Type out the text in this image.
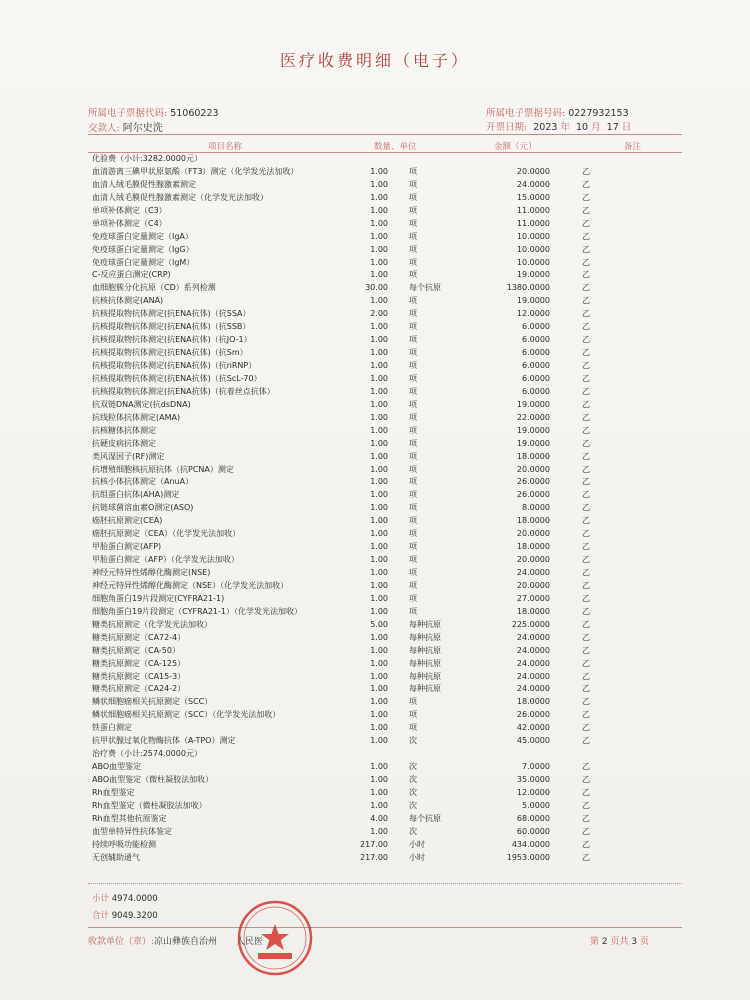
医疗收费明细（电子）
所属电子票据代码: 51060223	所属电子票据号码: 0227932153
交款人: 阿尔史洗	开票日期: 2023 年 10 月 17 日
项目名称	数量、单位	金额（元）	备注
化验费（小计:3282.0000元）
血清游离三碘甲状原氨酸（FT3）测定（化学发光法加收）	1.00	项	20.0000	乙
血清人绒毛膜促性腺激素测定	1.00	项	24.0000	乙
血清人绒毛膜促性腺激素测定（化学发光法加收）	1.00	项	15.0000	乙
单项补体测定（C3）	1.00	项	11.0000	乙
单项补体测定（C4）	1.00	项	11.0000	乙
免疫球蛋白定量测定（IgA）	1.00	项	10.0000	乙
免疫球蛋白定量测定（IgG）	1.00	项	10.0000	乙
免疫球蛋白定量测定（IgM）	1.00	项	10.0000	乙
C-反应蛋白测定(CRP)	1.00	项	19.0000	乙
血细胞簇分化抗原（CD）系列检测	30.00	每个抗原	1380.0000	乙
抗核抗体测定(ANA)	1.00	项	19.0000	乙
抗核提取物抗体测定(抗ENA抗体)（抗SSA）	2.00	项	12.0000	乙
抗核提取物抗体测定(抗ENA抗体)（抗SSB）	1.00	项	6.0000	乙
抗核提取物抗体测定(抗ENA抗体)（抗JO-1）	1.00	项	6.0000	乙
抗核提取物抗体测定(抗ENA抗体)（抗Sm）	1.00	项	6.0000	乙
抗核提取物抗体测定(抗ENA抗体)（抗nRNP）	1.00	项	6.0000	乙
抗核提取物抗体测定(抗ENA抗体)（抗ScL-70）	1.00	项	6.0000	乙
抗核提取物抗体测定(抗ENA抗体)（抗着丝点抗体）	1.00	项	6.0000	乙
抗双链DNA测定(抗dsDNA)	1.00	项	19.0000	乙
抗线粒体抗体测定(AMA)	1.00	项	22.0000	乙
抗核糖体抗体测定	1.00	项	19.0000	乙
抗硬皮病抗体测定	1.00	项	19.0000	乙
类风湿因子(RF)测定	1.00	项	18.0000	乙
抗增殖细胞核抗原抗体（抗PCNA）测定	1.00	项	20.0000	乙
抗核小体抗体测定（AnuA）	1.00	项	26.0000	乙
抗组蛋白抗体(AHA)测定	1.00	项	26.0000	乙
抗链球菌溶血素O测定(ASO)	1.00	项	8.0000	乙
癌胚抗原测定(CEA)	1.00	项	18.0000	乙
癌胚抗原测定（CEA）（化学发光法加收）	1.00	项	20.0000	乙
甲胎蛋白测定(AFP)	1.00	项	18.0000	乙
甲胎蛋白测定（AFP）（化学发光法加收）	1.00	项	20.0000	乙
神经元特异性烯醇化酶测定(NSE)	1.00	项	24.0000	乙
神经元特异性烯醇化酶测定（NSE）（化学发光法加收）	1.00	项	20.0000	乙
细胞角蛋白19片段测定(CYFRA21-1)	1.00	项	27.0000	乙
细胞角蛋白19片段测定（CYFRA21-1）（化学发光法加收）	1.00	项	18.0000	乙
糖类抗原测定（化学发光法加收）	5.00	每种抗原	225.0000	乙
糖类抗原测定（CA72-4）	1.00	每种抗原	24.0000	乙
糖类抗原测定（CA-50）	1.00	每种抗原	24.0000	乙
糖类抗原测定（CA-125）	1.00	每种抗原	24.0000	乙
糖类抗原测定（CA15-3）	1.00	每种抗原	24.0000	乙
糖类抗原测定（CA24-2）	1.00	每种抗原	24.0000	乙
鳞状细胞癌相关抗原测定（SCC）	1.00	项	18.0000	乙
鳞状细胞癌相关抗原测定（SCC）（化学发光法加收）	1.00	项	26.0000	乙
铁蛋白测定	1.00	项	42.0000	乙
抗甲状腺过氧化物酶抗体（A-TPO）测定	1.00	次	45.0000	乙
治疗费（小计:2574.0000元）
ABO血型鉴定	1.00	次	7.0000	乙
ABO血型鉴定（微柱凝胶法加收）	1.00	次	35.0000	乙
Rh血型鉴定	1.00	次	12.0000	乙
Rh血型鉴定（微柱凝胶法加收）	1.00	次	5.0000	乙
Rh血型其他抗原鉴定	4.00	每个抗原	68.0000	乙
血型单特异性抗体鉴定	1.00	次	60.0000	乙
持续呼吸功能检测	217.00	小时	434.0000	乙
无创辅助通气	217.00	小时	1953.0000	乙
小计 4974.0000
合计 9049.3200
收款单位（章）:凉山彝族自治州 人民医	第 2 页共 3 页
